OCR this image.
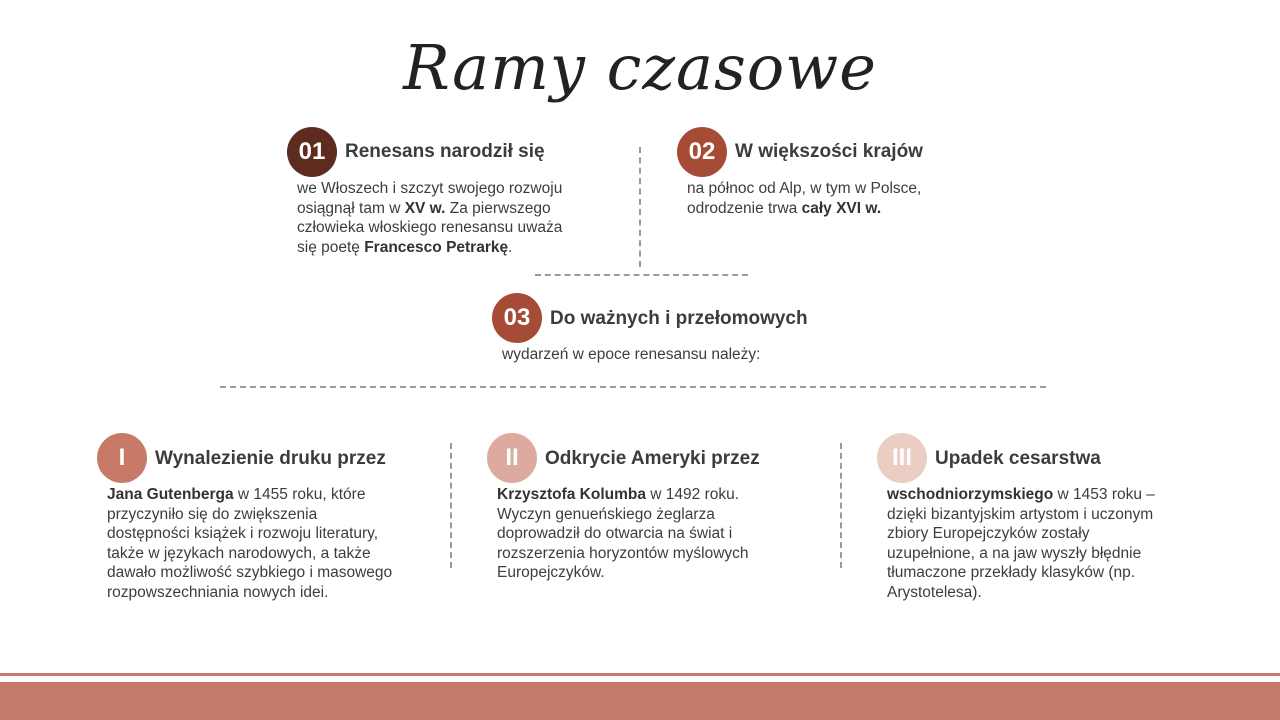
Ramy czasowe
01	Renesans narodził się
we Włoszech i szczyt swojego rozwoju
osiągnął tam w XV w. Za pierwszego
człowieka włoskiego renesansu uważa
się poetę Francesco Petrarkę.
02	W większości krajów
na północ od Alp, w tym w Polsce,
odrodzenie trwa cały XVI w.
03	Do ważnych i przełomowych
wydarzeń w epoce renesansu należy:
I	Wynalezienie druku przez
Jana Gutenberga w 1455 roku, które
przyczyniło się do zwiększenia
dostępności książek i rozwoju literatury,
także w językach narodowych, a także
dawało możliwość szybkiego i masowego
rozpowszechniania nowych idei.
II	Odkrycie Ameryki przez
Krzysztofa Kolumba w 1492 roku.
Wyczyn genueńskiego żeglarza
doprowadził do otwarcia na świat i
rozszerzenia horyzontów myślowych
Europejczyków.
III	Upadek cesarstwa
wschodniorzymskiego w 1453 roku –
dzięki bizantyjskim artystom i uczonym
zbiory Europejczyków zostały
uzupełnione, a na jaw wyszły błędnie
tłumaczone przekłady klasyków (np.
Arystotelesa).
